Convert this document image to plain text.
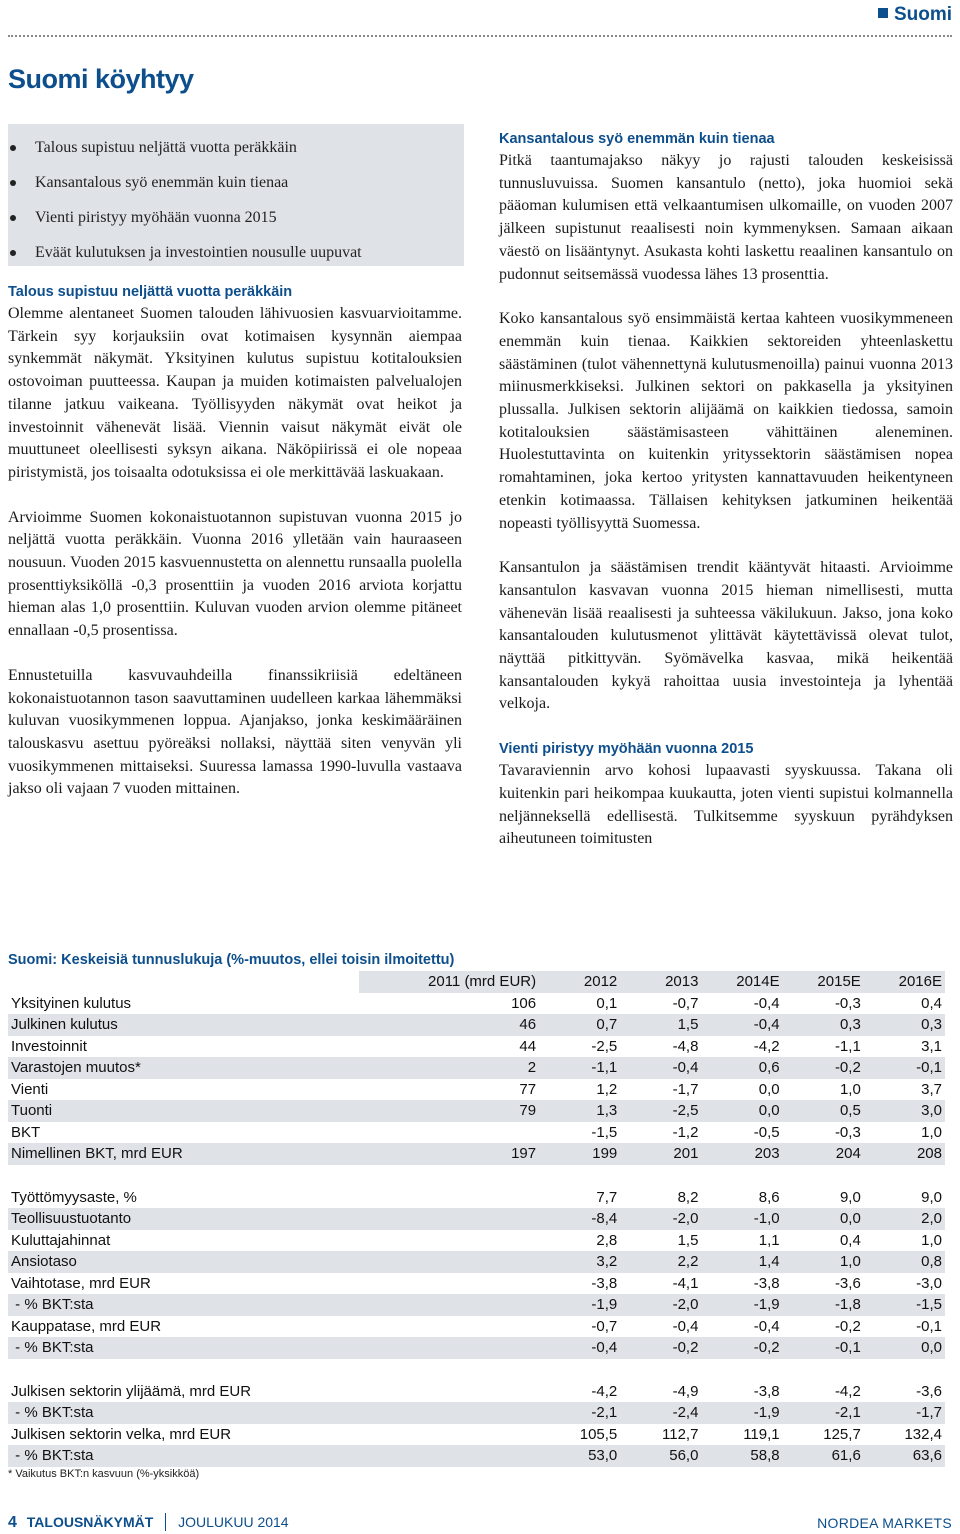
Suomi
Suomi köyhtyy
Talous supistuu neljättä vuotta peräkkäin
Kansantalous syö enemmän kuin tienaa
Vienti piristyy myöhään vuonna 2015
Eväät kulutuksen ja investointien nousulle uupuvat
Talous supistuu neljättä vuotta peräkkäin

Olemme alentaneet Suomen talouden lähivuosien kasvuarvioitamme. Tärkein syy korjauksiin ovat kotimaisen kysynnän aiempaa synkemmät näkymät. Yksityinen kulutus supistuu kotitalouksien ostovoiman puutteessa. Kaupan ja muiden kotimaisten palvelualojen tilanne jatkuu vaikeana. Työllisyyden näkymät ovat heikot ja investoinnit vähenevät lisää. Viennin vaisut näkymät eivät ole muuttuneet oleellisesti syksyn aikana. Näköpiirissä ei ole nopeaa piristymistä, jos toisaalta odotuksissa ei ole merkittävää laskuakaan.

Arvioimme Suomen kokonaistuotannon supistuvan vuonna 2015 jo neljättä vuotta peräkkäin. Vuonna 2016 ylletään vain hauraaseen nousuun. Vuoden 2015 kasvuennustetta on alennettu runsaalla puolella prosenttiyksiköllä -0,3 prosenttiin ja vuoden 2016 arviota korjattu hieman alas 1,0 prosenttiin. Kuluvan vuoden arvion olemme pitäneet ennallaan -0,5 prosentissa.

Ennustetuilla kasvuvauhdeilla finanssikriisiä edeltäneen kokonaistuotannon tason saavuttaminen uudelleen karkaa lähemmäksi kuluvan vuosikymmenen loppua. Ajanjakso, jonka keskimääräinen talouskasvu asettuu pyöreäksi nollaksi, näyttää siten venyvän yli vuosikymmenen mittaiseksi. Suuressa lamassa 1990-luvulla vastaava jakso oli vajaan 7 vuoden mittainen.

Kansantalous syö enemmän kuin tienaa

Pitkä taantumajakso näkyy jo rajusti talouden keskeisissä tunnusluvuissa. Suomen kansantulo (netto), joka huomioi sekä pääoman kulumisen että velkaantumisen ulkomaille, on vuoden 2007 jälkeen supistunut reaalisesti noin kymmenyksen. Samaan aikaan väestö on lisääntynyt. Asukasta kohti laskettu reaalinen kansantulo on pudonnut seitsemässä vuodessa lähes 13 prosenttia.

Koko kansantalous syö ensimmäistä kertaa kahteen vuosikymmeneen enemmän kuin tienaa. Kaikkien sektoreiden yhteenlaskettu säästäminen (tulot vähennettynä kulutusmenoilla) painui vuonna 2013 miinusmerkkiseksi. Julkinen sektori on pakkasella ja yksityinen plussalla. Julkisen sektorin alijäämä on kaikkien tiedossa, samoin kotitalouksien säästämisasteen vähittäinen aleneminen. Huolestuttavinta on kuitenkin yrityssektorin säästämisen nopea romahtaminen, joka kertoo yritysten kannattavuuden heikentyneen etenkin kotimaassa. Tällaisen kehityksen jatkuminen heikentää nopeasti työllisyyttä Suomessa.

Kansantulon ja säästämisen trendit kääntyvät hitaasti. Arvioimme kansantulon kasvavan vuonna 2015 hieman nimellisesti, mutta vähenevän lisää reaalisesti ja suhteessa väkilukuun. Jakso, jona koko kansantalouden kulutusmenot ylittävät käytettävissä olevat tulot, näyttää pitkittyvän. Syömävelka kasvaa, mikä heikentää kansantalouden kykyä rahoittaa uusia investointeja ja lyhentää velkoja.

Vienti piristyy myöhään vuonna 2015

Tavaraviennin arvo kohosi lupaavasti syyskuussa. Takana oli kuitenkin pari heikompaa kuukautta, joten vienti supistui kolmannella neljänneksellä edellisestä. Tulkitsemme syyskuun pyrähdyksen aiheutuneen toimitusten

Suomi: Keskeisiä tunnuslukuja (%-muutos, ellei toisin ilmoitettu)
	2011 (mrd EUR)	2012	2013	2014E	2015E	2016E
Yksityinen kulutus	106	0,1	-0,7	-0,4	-0,3	0,4
Julkinen kulutus	46	0,7	1,5	-0,4	0,3	0,3
Investoinnit	44	-2,5	-4,8	-4,2	-1,1	3,1
Varastojen muutos*	2	-1,1	-0,4	0,6	-0,2	-0,1
Vienti	77	1,2	-1,7	0,0	1,0	3,7
Tuonti	79	1,3	-2,5	0,0	0,5	3,0
BKT		-1,5	-1,2	-0,5	-0,3	1,0
Nimellinen BKT, mrd EUR	197	199	201	203	204	208

Työttömyysaste, %		7,7	8,2	8,6	9,0	9,0
Teollisuustuotanto		-8,4	-2,0	-1,0	0,0	2,0
Kuluttajahinnat		2,8	1,5	1,1	0,4	1,0
Ansiotaso		3,2	2,2	1,4	1,0	0,8
Vaihtotase, mrd EUR		-3,8	-4,1	-3,8	-3,6	-3,0
- % BKT:sta		-1,9	-2,0	-1,9	-1,8	-1,5
Kauppatase, mrd EUR		-0,7	-0,4	-0,4	-0,2	-0,1
- % BKT:sta		-0,4	-0,2	-0,2	-0,1	0,0

Julkisen sektorin ylijäämä, mrd EUR		-4,2	-4,9	-3,8	-4,2	-3,6
- % BKT:sta		-2,1	-2,4	-1,9	-2,1	-1,7
Julkisen sektorin velka, mrd EUR		105,5	112,7	119,1	125,7	132,4
- % BKT:sta		53,0	56,0	58,8	61,6	63,6
* Vaikutus BKT:n kasvuun (%-yksikköä)
4 TALOUSNÄKYMÄT JOULUKUU 2014	NORDEA MARKETS
